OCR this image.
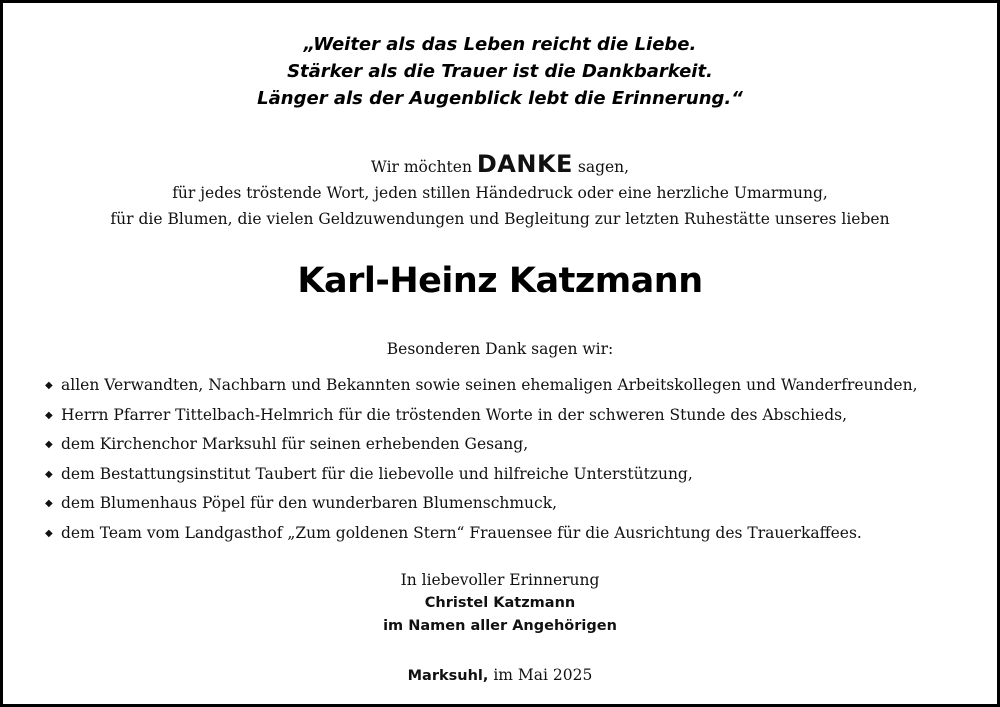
„Weiter als das Leben reicht die Liebe.
Stärker als die Trauer ist die Dankbarkeit.
Länger als der Augenblick lebt die Erinnerung.“
Wir möchten DANKE sagen,
für jedes tröstende Wort, jeden stillen Händedruck oder eine herzliche Umarmung,
für die Blumen, die vielen Geldzuwendungen und Begleitung zur letzten Ruhestätte unseres lieben
Karl-Heinz Katzmann
Besonderen Dank sagen wir:
◆ allen Verwandten, Nachbarn und Bekannten sowie seinen ehemaligen Arbeitskollegen und Wanderfreunden,
◆ Herrn Pfarrer Tittelbach-Helmrich für die tröstenden Worte in der schweren Stunde des Abschieds,
◆ dem Kirchenchor Marksuhl für seinen erhebenden Gesang,
◆ dem Bestattungsinstitut Taubert für die liebevolle und hilfreiche Unterstützung,
◆ dem Blumenhaus Pöpel für den wunderbaren Blumenschmuck,
◆ dem Team vom Landgasthof „Zum goldenen Stern“ Frauensee für die Ausrichtung des Trauerkaffees.
In liebevoller Erinnerung
Christel Katzmann
im Namen aller Angehörigen
Marksuhl, im Mai 2025
